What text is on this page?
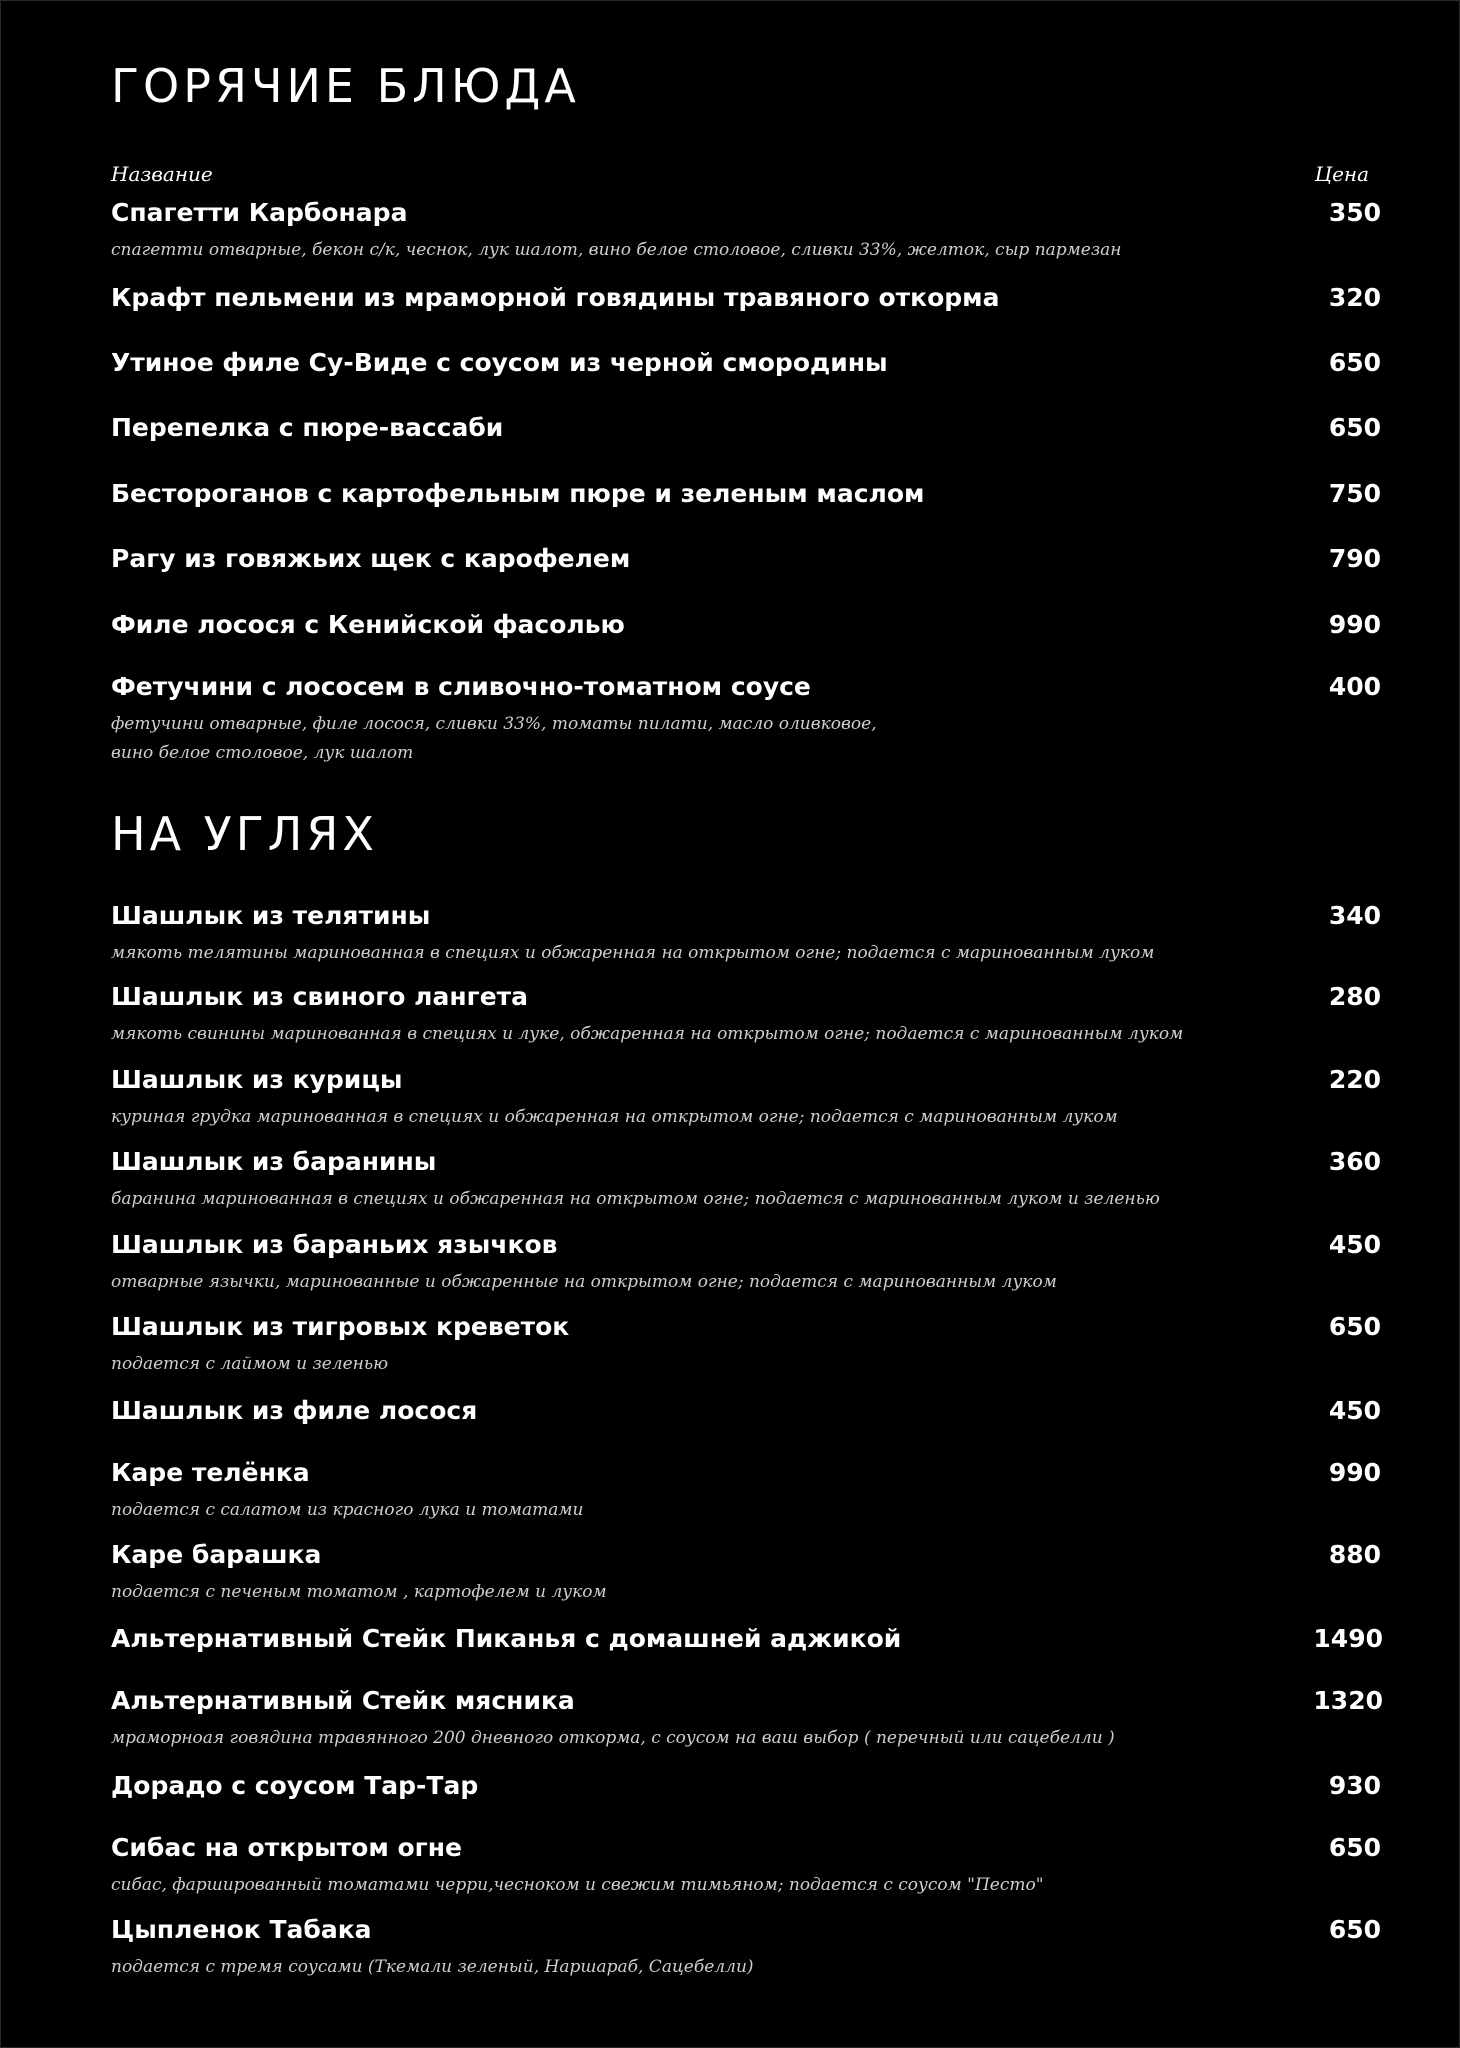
ГОРЯЧИЕ БЛЮДА
Название	Цена
Спагетти Карбонара	350
спагетти отварные, бекон с/к, чеснок, лук шалот, вино белое столовое, сливки 33%, желток, сыр пармезан
Крафт пельмени из мраморной говядины травяного откорма	320
Утиное филе Су-Виде с соусом из черной смородины	650
Перепелка с пюре-вассаби	650
Бесторoганов с картофельным пюре и зеленым маслом	750
Рагу из говяжьих щек с карофелем	790
Филе лосося с Кенийской фасолью	990
Фетучини с лососем в сливочно-томатном соусе	400
фетучини отварные, филе лосося, сливки 33%, томаты пилати, масло оливковое,
вино белое столовое, лук шалот
НА УГЛЯХ
Шашлык из телятины	340
мякоть телятины маринованная в специях и обжаренная на открытом огне; подается с маринованным луком
Шашлык из свиного лангета	280
мякоть свинины маринованная в специях и луке, обжаренная на открытом огне; подается с маринованным луком
Шашлык из курицы	220
куриная грудка маринованная в специях и обжаренная на открытом огне; подается с маринованным луком
Шашлык из баранины	360
баранина маринованная в специях и обжаренная на открытом огне; подается с маринованным луком и зеленью
Шашлык из бараньих язычков	450
отварные язычки, маринованные и обжаренные на открытом огне; подается с маринованным луком
Шашлык из тигровых креветок	650
подается с лаймом и зеленью
Шашлык из филе лосося	450
Каре телёнка	990
подается с салатом из красного лука и томатами
Каре барашка	880
подается с печеным томатом , картофелем и луком
Альтернативный Стейк Пиканья с домашней аджикой	1490
Альтернативный Стейк мясника	1320
мраморноая говядина травянного 200 дневного откорма, с соусом на ваш выбор ( перечный или сацебелли )
Дорадо с соусом Тар-Тар	930
Сибас на открытом огне	650
сибас, фаршированный томатами черри,чесноком и свежим тимьяном; подается с соусом "Песто"
Цыпленок Табака	650
подается с тремя соусами (Ткемали зеленый, Наршараб, Сацебелли)
